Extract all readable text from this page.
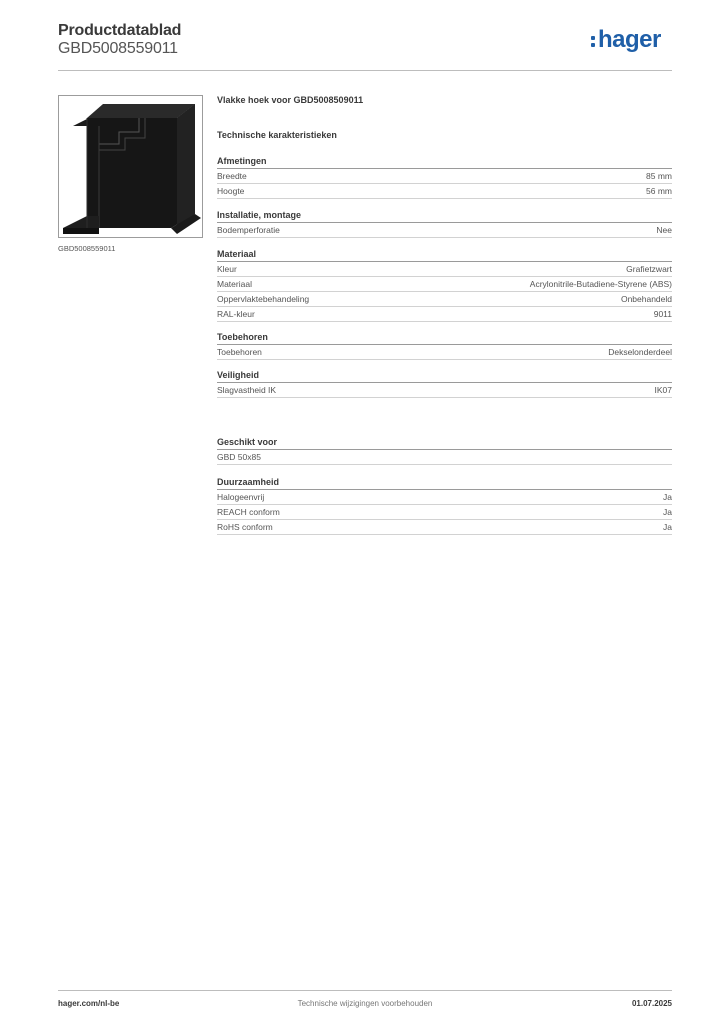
Productdatablad
GBD5008559011	hager
GBD5008559011
Vlakke hoek voor GBD5008509011
Technische karakteristieken
Afmetingen
Breedte	85 mm
Hoogte	56 mm
Installatie, montage
Bodemperforatie	Nee
Materiaal
Kleur	Grafietzwart
Materiaal	Acrylonitrile-Butadiene-Styrene (ABS)
Oppervlaktebehandeling	Onbehandeld
RAL-kleur	9011
Toebehoren
Toebehoren	Dekselonderdeel
Veiligheid
Slagvastheid IK	IK07
Geschikt voor
GBD 50x85
Duurzaamheid
Halogeenvrij	Ja
REACH conform	Ja
RoHS conform	Ja
hager.com/nl-be	Technische wijzigingen voorbehouden	01.07.2025
